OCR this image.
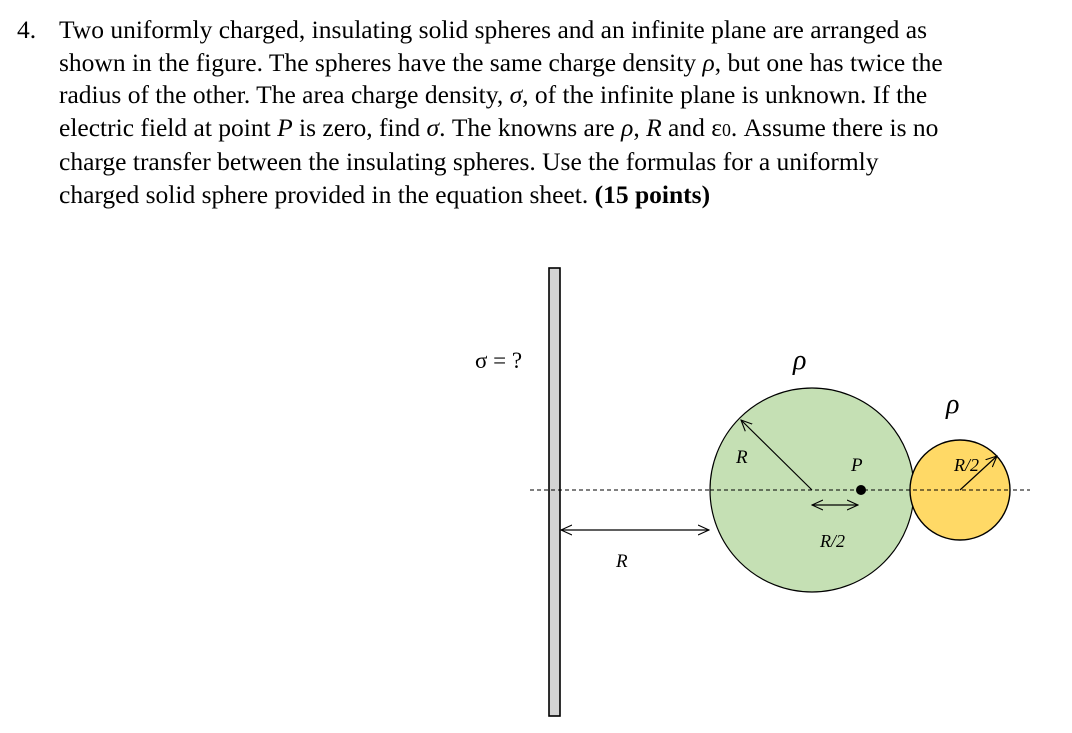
4. Two uniformly charged, insulating solid spheres and an infinite plane are arranged as
shown in the figure. The spheres have the same charge density ρ, but one has twice the
radius of the other. The area charge density, σ, of the infinite plane is unknown. If the
electric field at point P is zero, find σ. The knowns are ρ, R and ε0. Assume there is no
charge transfer between the insulating spheres. Use the formulas for a uniformly
charged solid sphere provided in the equation sheet. (15 points)
σ = ?	ρ
ρ
R	P	R/2
R/2
R
